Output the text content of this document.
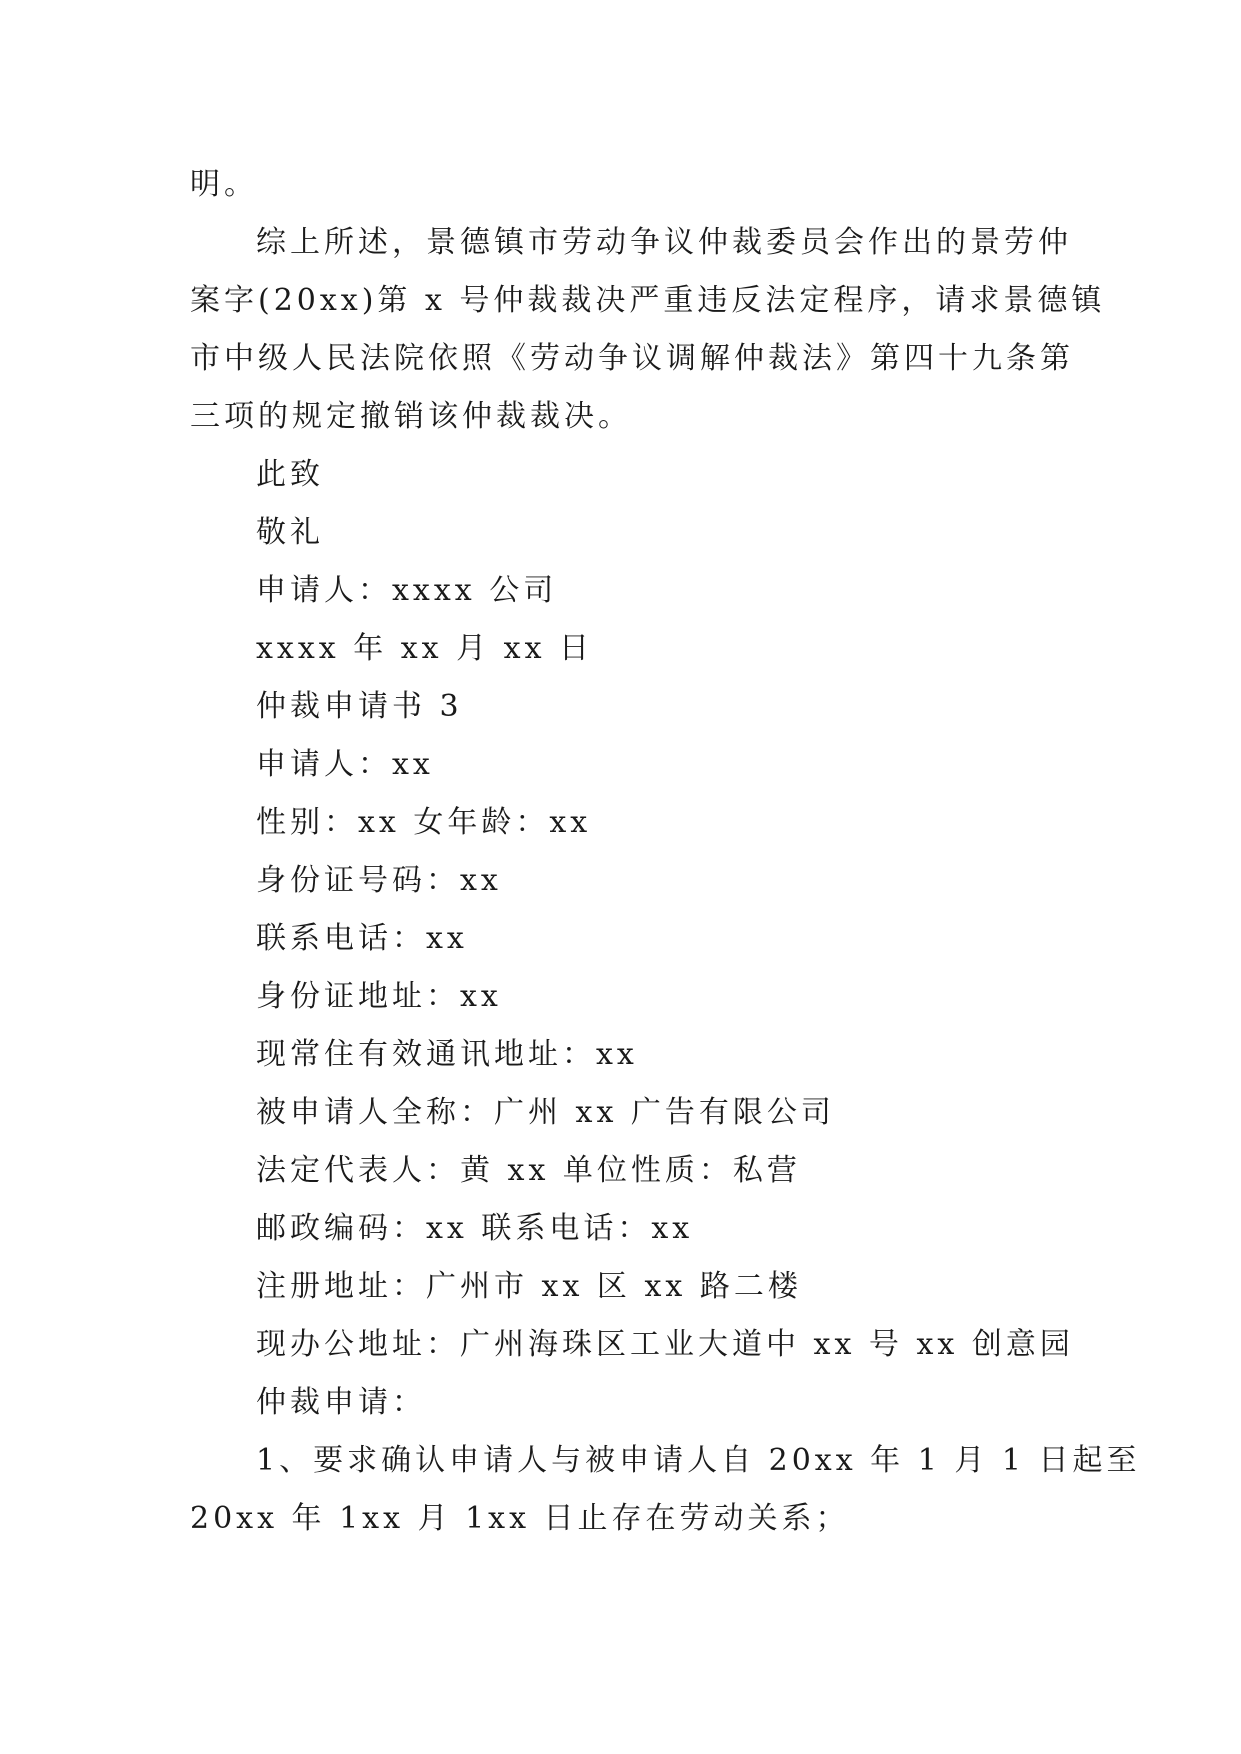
明。
综上所述，景德镇市劳动争议仲裁委员会作出的景劳仲
案字(20xx)第 x 号仲裁裁决严重违反法定程序，请求景德镇
市中级人民法院依照《劳动争议调解仲裁法》第四十九条第
三项的规定撤销该仲裁裁决。
此致
敬礼
申请人：xxxx 公司
xxxx 年 xx 月 xx 日
仲裁申请书 3
申请人：xx
性别：xx 女年龄：xx
身份证号码：xx
联系电话：xx
身份证地址：xx
现常住有效通讯地址：xx
被申请人全称：广州 xx 广告有限公司
法定代表人：黄 xx 单位性质：私营
邮政编码：xx 联系电话：xx
注册地址：广州市 xx 区 xx 路二楼
现办公地址：广州海珠区工业大道中 xx 号 xx 创意园
仲裁申请：
1、要求确认申请人与被申请人自 20xx 年 1 月 1 日起至
20xx 年 1xx 月 1xx 日止存在劳动关系；
